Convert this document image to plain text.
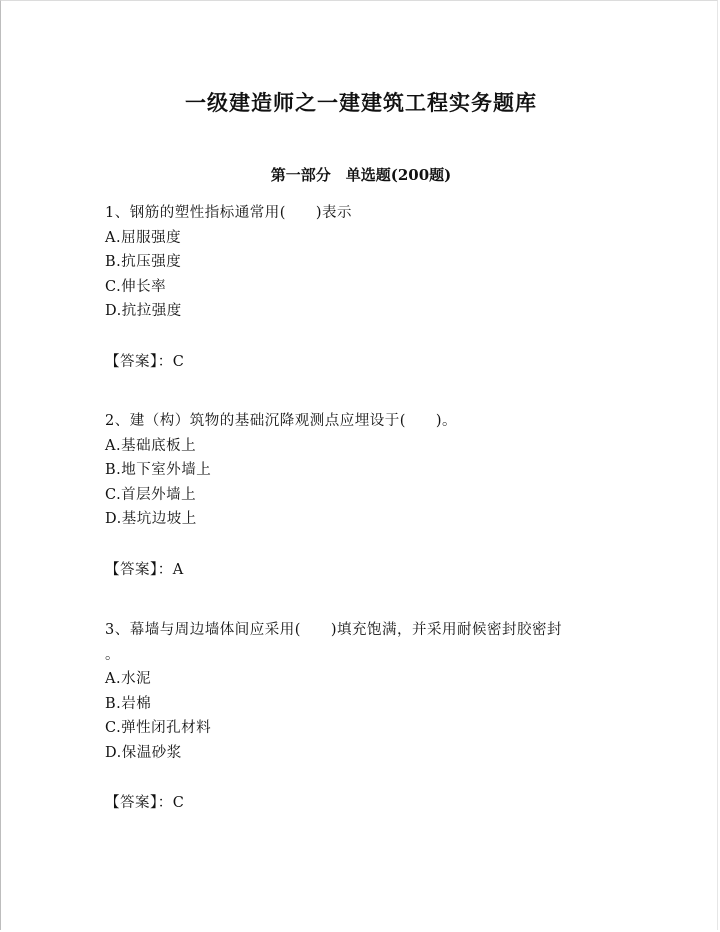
一级建造师之一建建筑工程实务题库
第一部分　单选题(200题)
1、钢筋的塑性指标通常用(　　)表示
A.屈服强度
B.抗压强度
C.伸长率
D.抗拉强度
【答案】：C
2、建（构）筑物的基础沉降观测点应埋设于(　　)。
A.基础底板上
B.地下室外墙上
C.首层外墙上
D.基坑边坡上
【答案】：A
3、幕墙与周边墙体间应采用(　　)填充饱满，并采用耐候密封胶密封
。
A.水泥
B.岩棉
C.弹性闭孔材料
D.保温砂浆
【答案】：C
